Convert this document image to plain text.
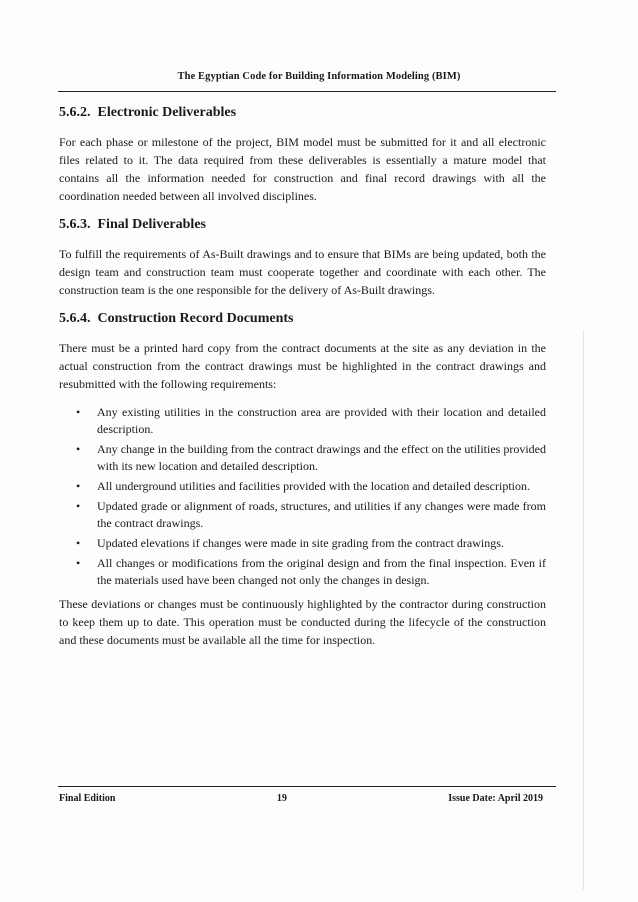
The Egyptian Code for Building Information Modeling (BIM)
5.6.2. Electronic Deliverables

For each phase or milestone of the project, BIM model must be submitted for it and all electronic files related to it. The data required from these deliverables is essentially a mature model that contains all the information needed for construction and final record drawings with all the coordination needed between all involved disciplines.

5.6.3. Final Deliverables

To fulfill the requirements of As-Built drawings and to ensure that BIMs are being updated, both the design team and construction team must cooperate together and coordinate with each other. The construction team is the one responsible for the delivery of As-Built drawings.

5.6.4. Construction Record Documents

There must be a printed hard copy from the contract documents at the site as any deviation in the actual construction from the contract drawings must be highlighted in the contract drawings and resubmitted with the following requirements:

• Any existing utilities in the construction area are provided with their location and detailed description.
• Any change in the building from the contract drawings and the effect on the utilities provided with its new location and detailed description.
• All underground utilities and facilities provided with the location and detailed description.
• Updated grade or alignment of roads, structures, and utilities if any changes were made from the contract drawings.
• Updated elevations if changes were made in site grading from the contract drawings.
• All changes or modifications from the original design and from the final inspection. Even if the materials used have been changed not only the changes in design.

These deviations or changes must be continuously highlighted by the contractor during construction to keep them up to date. This operation must be conducted during the lifecycle of the construction and these documents must be available all the time for inspection.

Final Edition	19	Issue Date: April 2019
